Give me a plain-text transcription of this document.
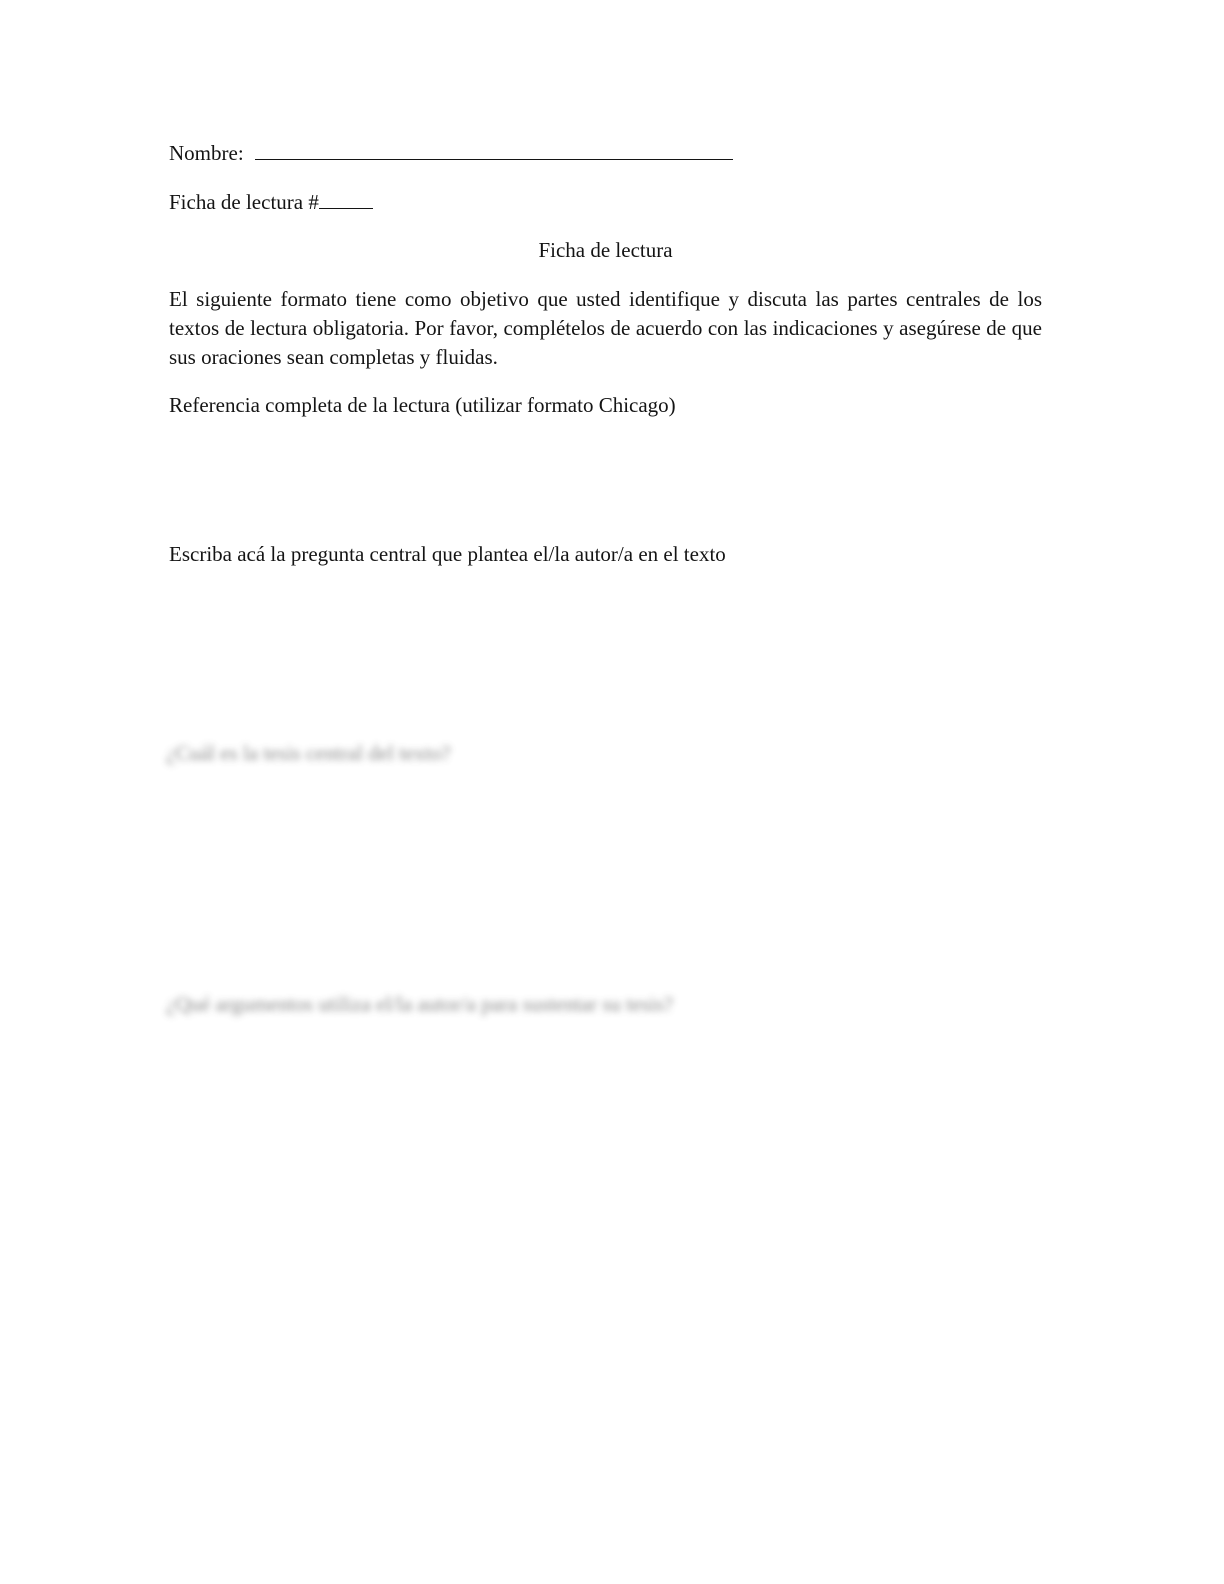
Nombre:
Ficha de lectura #
Ficha de lectura
El siguiente formato tiene como objetivo que usted identifique y discuta las partes centrales de los textos de lectura obligatoria. Por favor, complételos de acuerdo con las indicaciones y asegúrese de que sus oraciones sean completas y fluidas.
Referencia completa de la lectura (utilizar formato Chicago)
Escriba acá la pregunta central que plantea el/la autor/a en el texto
¿Cuál es la tesis central del texto?
¿Qué argumentos utiliza el/la autor/a para sustentar su tesis?
